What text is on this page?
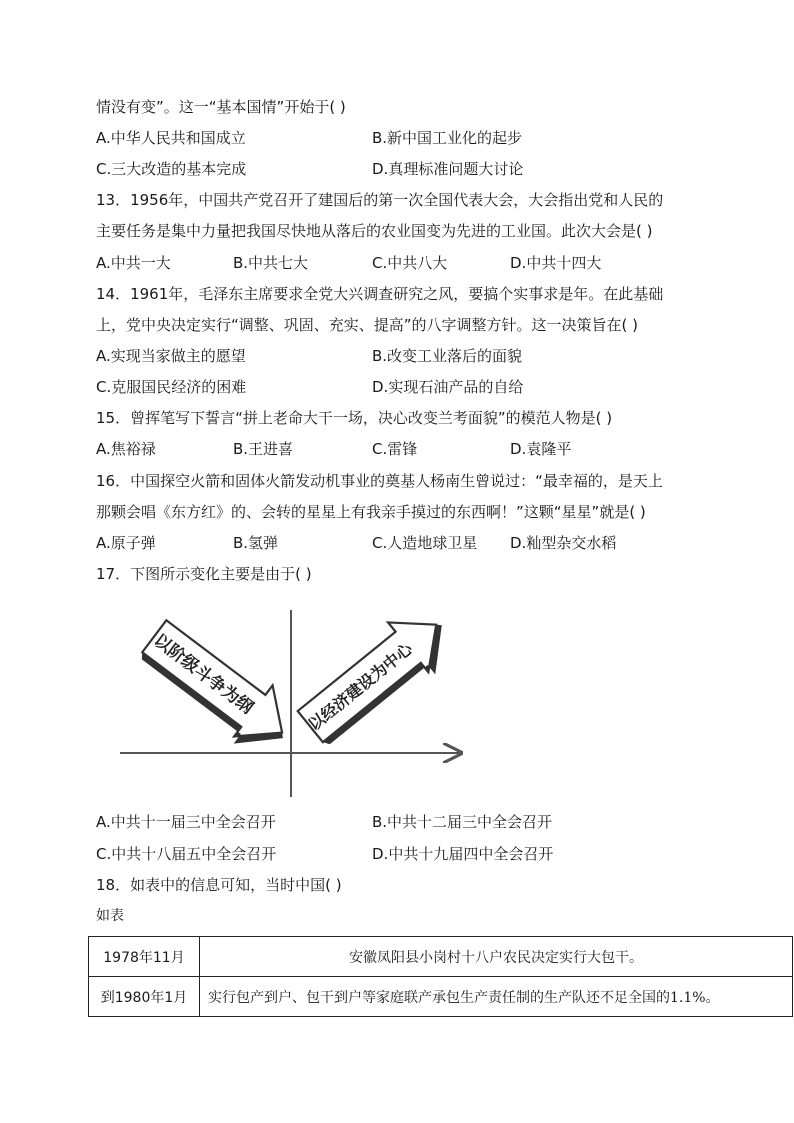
情没有变”。这一“基本国情”开始于( )
A.中华人民共和国成立	B.新中国工业化的起步
C.三大改造的基本完成	D.真理标准问题大讨论
13．1956年，中国共产党召开了建国后的第一次全国代表大会，大会指出党和人民的
主要任务是集中力量把我国尽快地从落后的农业国变为先进的工业国。此次大会是( )
A.中共一大	B.中共七大	C.中共八大	D.中共十四大
14．1961年，毛泽东主席要求全党大兴调查研究之风，要搞个实事求是年。在此基础
上，党中央决定实行“调整、巩固、充实、提高”的八字调整方针。这一决策旨在( )
A.实现当家做主的愿望	B.改变工业落后的面貌
C.克服国民经济的困难	D.实现石油产品的自给
15．曾挥笔写下誓言“拼上老命大干一场，决心改变兰考面貌”的模范人物是( )
A.焦裕禄	B.王进喜	C.雷锋	D.袁隆平
16．中国探空火箭和固体火箭发动机事业的奠基人杨南生曾说过：“最幸福的，是天上
那颗会唱《东方红》的、会转的星星上有我亲手摸过的东西啊！”这颗“星星”就是( )
A.原子弹	B.氢弹	C.人造地球卫星 D.籼型杂交水稻
17．下图所示变化主要是由于( )
以阶级斗争为纲	以经济建设为中心
A.中共十一届三中全会召开	B.中共十二届三中全会召开
C.中共十八届五中全会召开	D.中共十九届四中全会召开
18．如表中的信息可知，当时中国( )
如表
1978年11月	安徽凤阳县小岗村十八户农民决定实行大包干。
到1980年1月	实行包产到户、包干到户等家庭联产承包生产责任制的生产队还不足全国的1.1%。
